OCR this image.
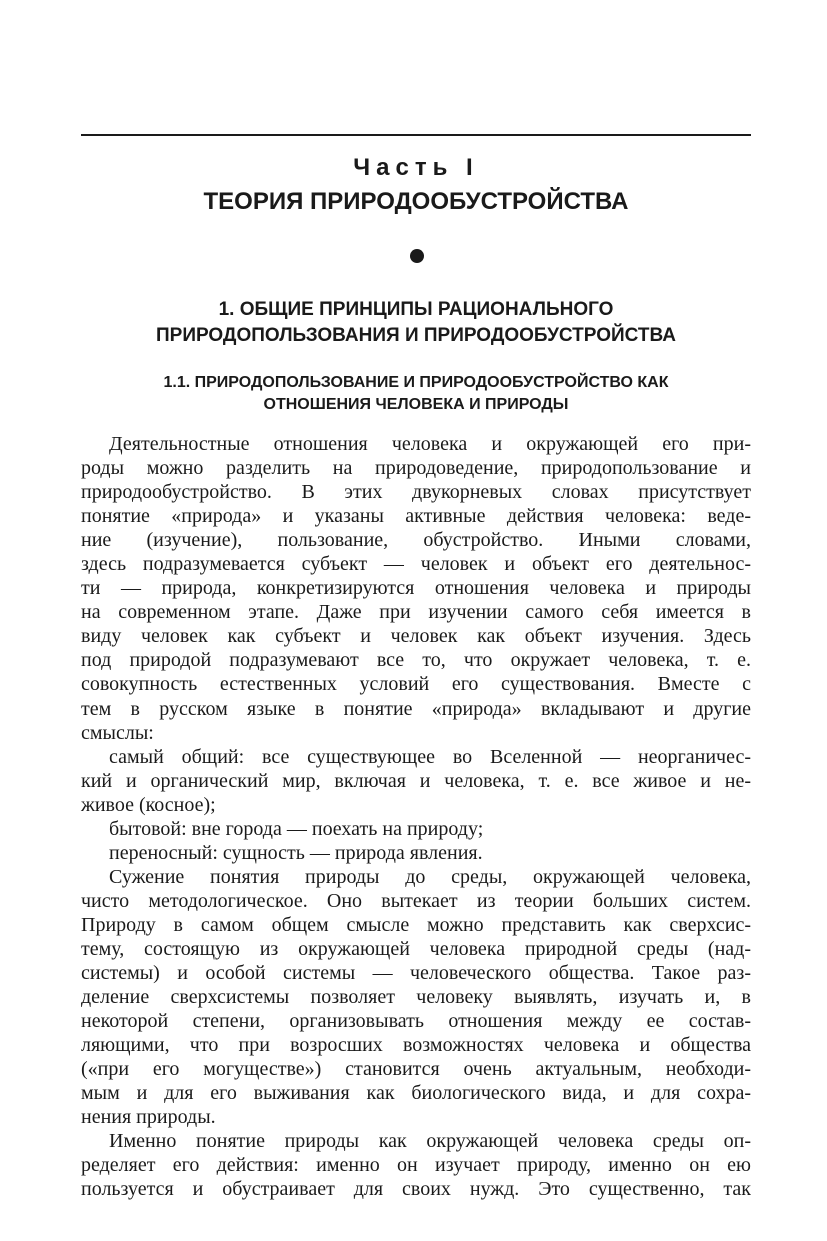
Часть I
ТЕОРИЯ ПРИРОДООБУСТРОЙСТВА
1. ОБЩИЕ ПРИНЦИПЫ РАЦИОНАЛЬНОГО
ПРИРОДОПОЛЬЗОВАНИЯ И ПРИРОДООБУСТРОЙСТВА
1.1. ПРИРОДОПОЛЬЗОВАНИЕ И ПРИРОДООБУСТРОЙСТВО КАК
ОТНОШЕНИЯ ЧЕЛОВЕКА И ПРИРОДЫ
Деятельностные отношения человека и окружающей его при-
роды можно разделить на природоведение, природопользование и
природообустройство. В этих двукорневых словах присутствует
понятие «природа» и указаны активные действия человека: веде-
ние (изучение), пользование, обустройство. Иными словами,
здесь подразумевается субъект — человек и объект его деятельнос-
ти — природа, конкретизируются отношения человека и природы
на современном этапе. Даже при изучении самого себя имеется в
виду человек как субъект и человек как объект изучения. Здесь
под природой подразумевают все то, что окружает человека, т. е.
совокупность естественных условий его существования. Вместе с
тем в русском языке в понятие «природа» вкладывают и другие
смыслы:
самый общий: все существующее во Вселенной — неорганичес-
кий и органический мир, включая и человека, т. е. все живое и не-
живое (косное);
бытовой: вне города — поехать на природу;
переносный: сущность — природа явления.
Сужение понятия природы до среды, окружающей человека,
чисто методологическое. Оно вытекает из теории больших систем.
Природу в самом общем смысле можно представить как сверхсис-
тему, состоящую из окружающей человека природной среды (над-
системы) и особой системы — человеческого общества. Такое раз-
деление сверхсистемы позволяет человеку выявлять, изучать и, в
некоторой степени, организовывать отношения между ее состав-
ляющими, что при возросших возможностях человека и общества
(«при его могуществе») становится очень актуальным, необходи-
мым и для его выживания как биологического вида, и для сохра-
нения природы.
Именно понятие природы как окружающей человека среды оп-
ределяет его действия: именно он изучает природу, именно он ею
пользуется и обустраивает для своих нужд. Это существенно, так
